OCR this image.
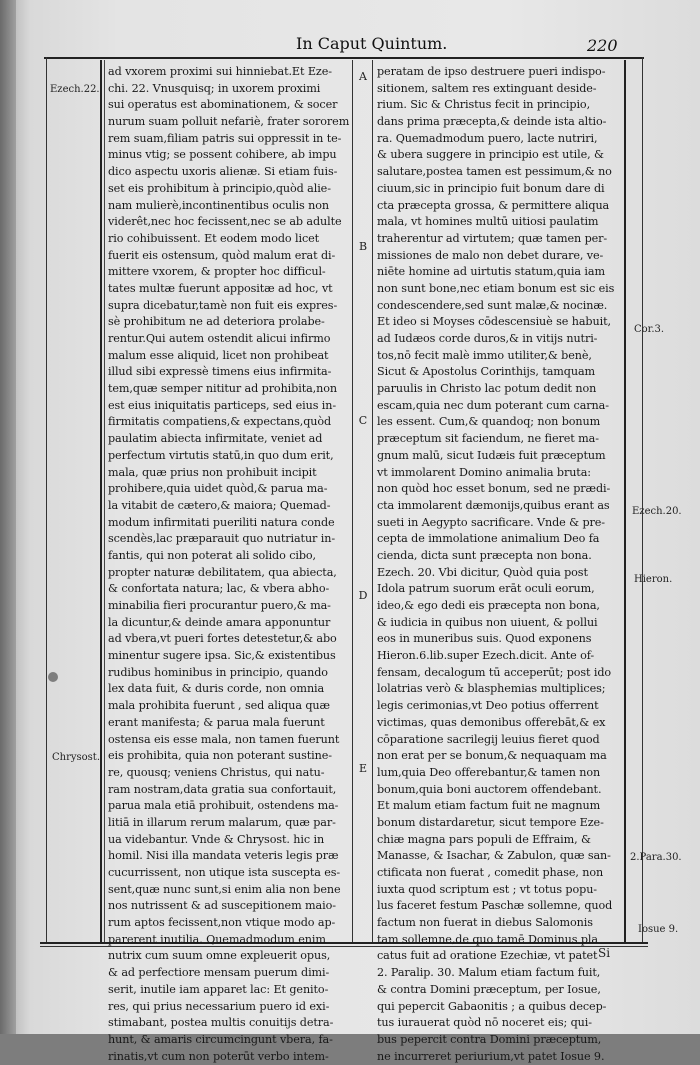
In Caput Quintum.	220
ad vxorem proximi sui hinniebat.Et Eze-
chi. 22. Vnusquisq; in uxorem proximi
sui operatus est abominationem, & socer
nurum suam polluit nefariè, frater sororem
rem suam,filiam patris sui oppressit in te-
minus vtig; se possent cohibere, ab impu
dico aspectu uxoris alienæ. Si etiam fuis-
set eis prohibitum à principio,quòd alie-
nam mulierè,incontinentibus oculis non
viderêt,nec hoc fecissent,nec se ab adulte
rio cohibuissent. Et eodem modo licet
fuerit eis ostensum, quòd malum erat di-
mittere vxorem, & propter hoc difficul-
tates multæ fuerunt appositæ ad hoc, vt
supra dicebatur,tamè non fuit eis expres-
sè prohibitum ne ad deteriora prolabe-
rentur.Qui autem ostendit alicui infirmo
malum esse aliquid, licet non prohibeat
illud sibi expressè timens eius infirmita-
tem,quæ semper nititur ad prohibita,non
est eius iniquitatis particeps, sed eius in-
firmitatis compatiens,& expectans,quòd
paulatim abiecta infirmitate, veniet ad
perfectum virtutis statū,in quo dum erit,
mala, quæ prius non prohibuit incipit
prohibere,quia uidet quòd,& parua ma-
la vitabit de cætero,& maiora; Quemad-
modum infirmitati pueriliti natura conde
scendès,lac præparauit quo nutriatur in-
fantis, qui non poterat ali solido cibo,
propter naturæ debilitatem, qua abiecta,
& confortata natura; lac, & vbera abho-
minabilia fieri procurantur puero,& ma-
la dicuntur,& deinde amara apponuntur
ad vbera,vt pueri fortes detestetur,& abo
minentur sugere ipsa. Sic,& existentibus
rudibus hominibus in principio, quando
lex data fuit, & duris corde, non omnia
mala prohibita fuerunt , sed aliqua quæ
erant manifesta; & parua mala fuerunt
ostensa eis esse mala, non tamen fuerunt
eis prohibita, quia non poterant sustine-
re, quousq; veniens Christus, qui natu-
ram nostram,data gratia sua confortauit,
parua mala etiā prohibuit, ostendens ma-
litiā in illarum rerum malarum, quæ par-
ua videbantur. Vnde & Chrysost. hic in
homil. Nisi illa mandata veteris legis præ
cucurrissent, non utique ista suscepta es-
sent,quæ nunc sunt,si enim alia non bene
nos nutrissent & ad suscepitionem maio-
rum aptos fecissent,non vtique modo ap-
parerent inutilia. Quemadmodum enim
nutrix cum suum omne expleuerit opus,
& ad perfectiore mensam puerum dimi-
serit, inutile iam apparet lac: Et genito-
res, qui prius necessarium puero id exi-
stimabant, postea multis conuitijs detra-
hunt, & amaris circumcingunt vbera, fa-
rinatis,vt cum non poterūt verbo intem-
peratam de ipso destruere pueri indispo-
sitionem, saltem res extinguant deside-
rium. Sic & Christus fecit in principio,
dans prima præcepta,& deinde ista altio-
ra. Quemadmodum puero, lacte nutriri,
& ubera suggere in principio est utile, &
salutare,postea tamen est pessimum,& no
ciuum,sic in principio fuit bonum dare di
cta præcepta grossa, & permittere aliqua
mala, vt homines multū uitiosi paulatim
traherentur ad virtutem; quæ tamen per-
missiones de malo non debet durare, ve-
niēte homine ad uirtutis statum,quia iam
non sunt bone,nec etiam bonum est sic eis
condescendere,sed sunt malæ,& nocinæ.
Et ideo si Moyses cōdescensiuè se habuit,
ad Iudæos corde duros,& in vitijs nutri-
tos,nō fecit malè immo utiliter,& benè,
Sicut & Apostolus Corinthijs, tamquam
paruulis in Christo lac potum dedit non
escam,quia nec dum poterant cum carna-
les essent. Cum,& quandoq; non bonum
præceptum sit faciendum, ne fieret ma-
gnum malū, sicut Iudæis fuit præceptum
vt immolarent Domino animalia bruta:
non quòd hoc esset bonum, sed ne prædi-
cta immolarent dæmonijs,quibus erant as
sueti in Aegypto sacrificare. Vnde & pre-
cepta de immolatione animalium Deo fa
cienda, dicta sunt præcepta non bona.
Ezech. 20. Vbi dicitur, Quòd quia post
Idola patrum suorum erāt oculi eorum,
ideo,& ego dedi eis præcepta non bona,
& iudicia in quibus non uiuent, & pollui
eos in muneribus suis. Quod exponens
Hieron.6.lib.super Ezech.dicit. Ante of-
fensam, decalogum tū acceperūt; post ido
lolatrias verò & blasphemias multiplices;
legis cerimonias,vt Deo potius offerrent
victimas, quas demonibus offerebāt,& ex
cōparatione sacrilegij leuius fieret quod
non erat per se bonum,& nequaquam ma
lum,quia Deo offerebantur,& tamen non
bonum,quia boni auctorem offendebant.
Et malum etiam factum fuit ne magnum
bonum distardaretur, sicut tempore Eze-
chiæ magna pars populi de Effraim, &
Manasse, & Isachar, & Zabulon, quæ san-
ctificata non fuerat , comedit phase, non
iuxta quod scriptum est ; vt totus popu-
lus faceret festum Paschæ sollemne, quod
factum non fuerat in diebus Salomonis
tam sollemne,de quo tamē Dominus pla
catus fuit ad oratione Ezechiæ, vt patet
2. Paralip. 30. Malum etiam factum fuit,
& contra Domini præceptum, per Iosue,
qui pepercit Gabaonitis ; a quibus decep-
tus iurauerat quòd nō noceret eis; qui-
bus pepercit contra Domini præceptum,
ne incurreret periurium,vt patet Iosue 9.
A
B
C
D
E
Ezech.22.
Chrysost.
Cor.3.
Ezech.20.
Hieron.
2.Para.30.
Iosue 9.
Si
